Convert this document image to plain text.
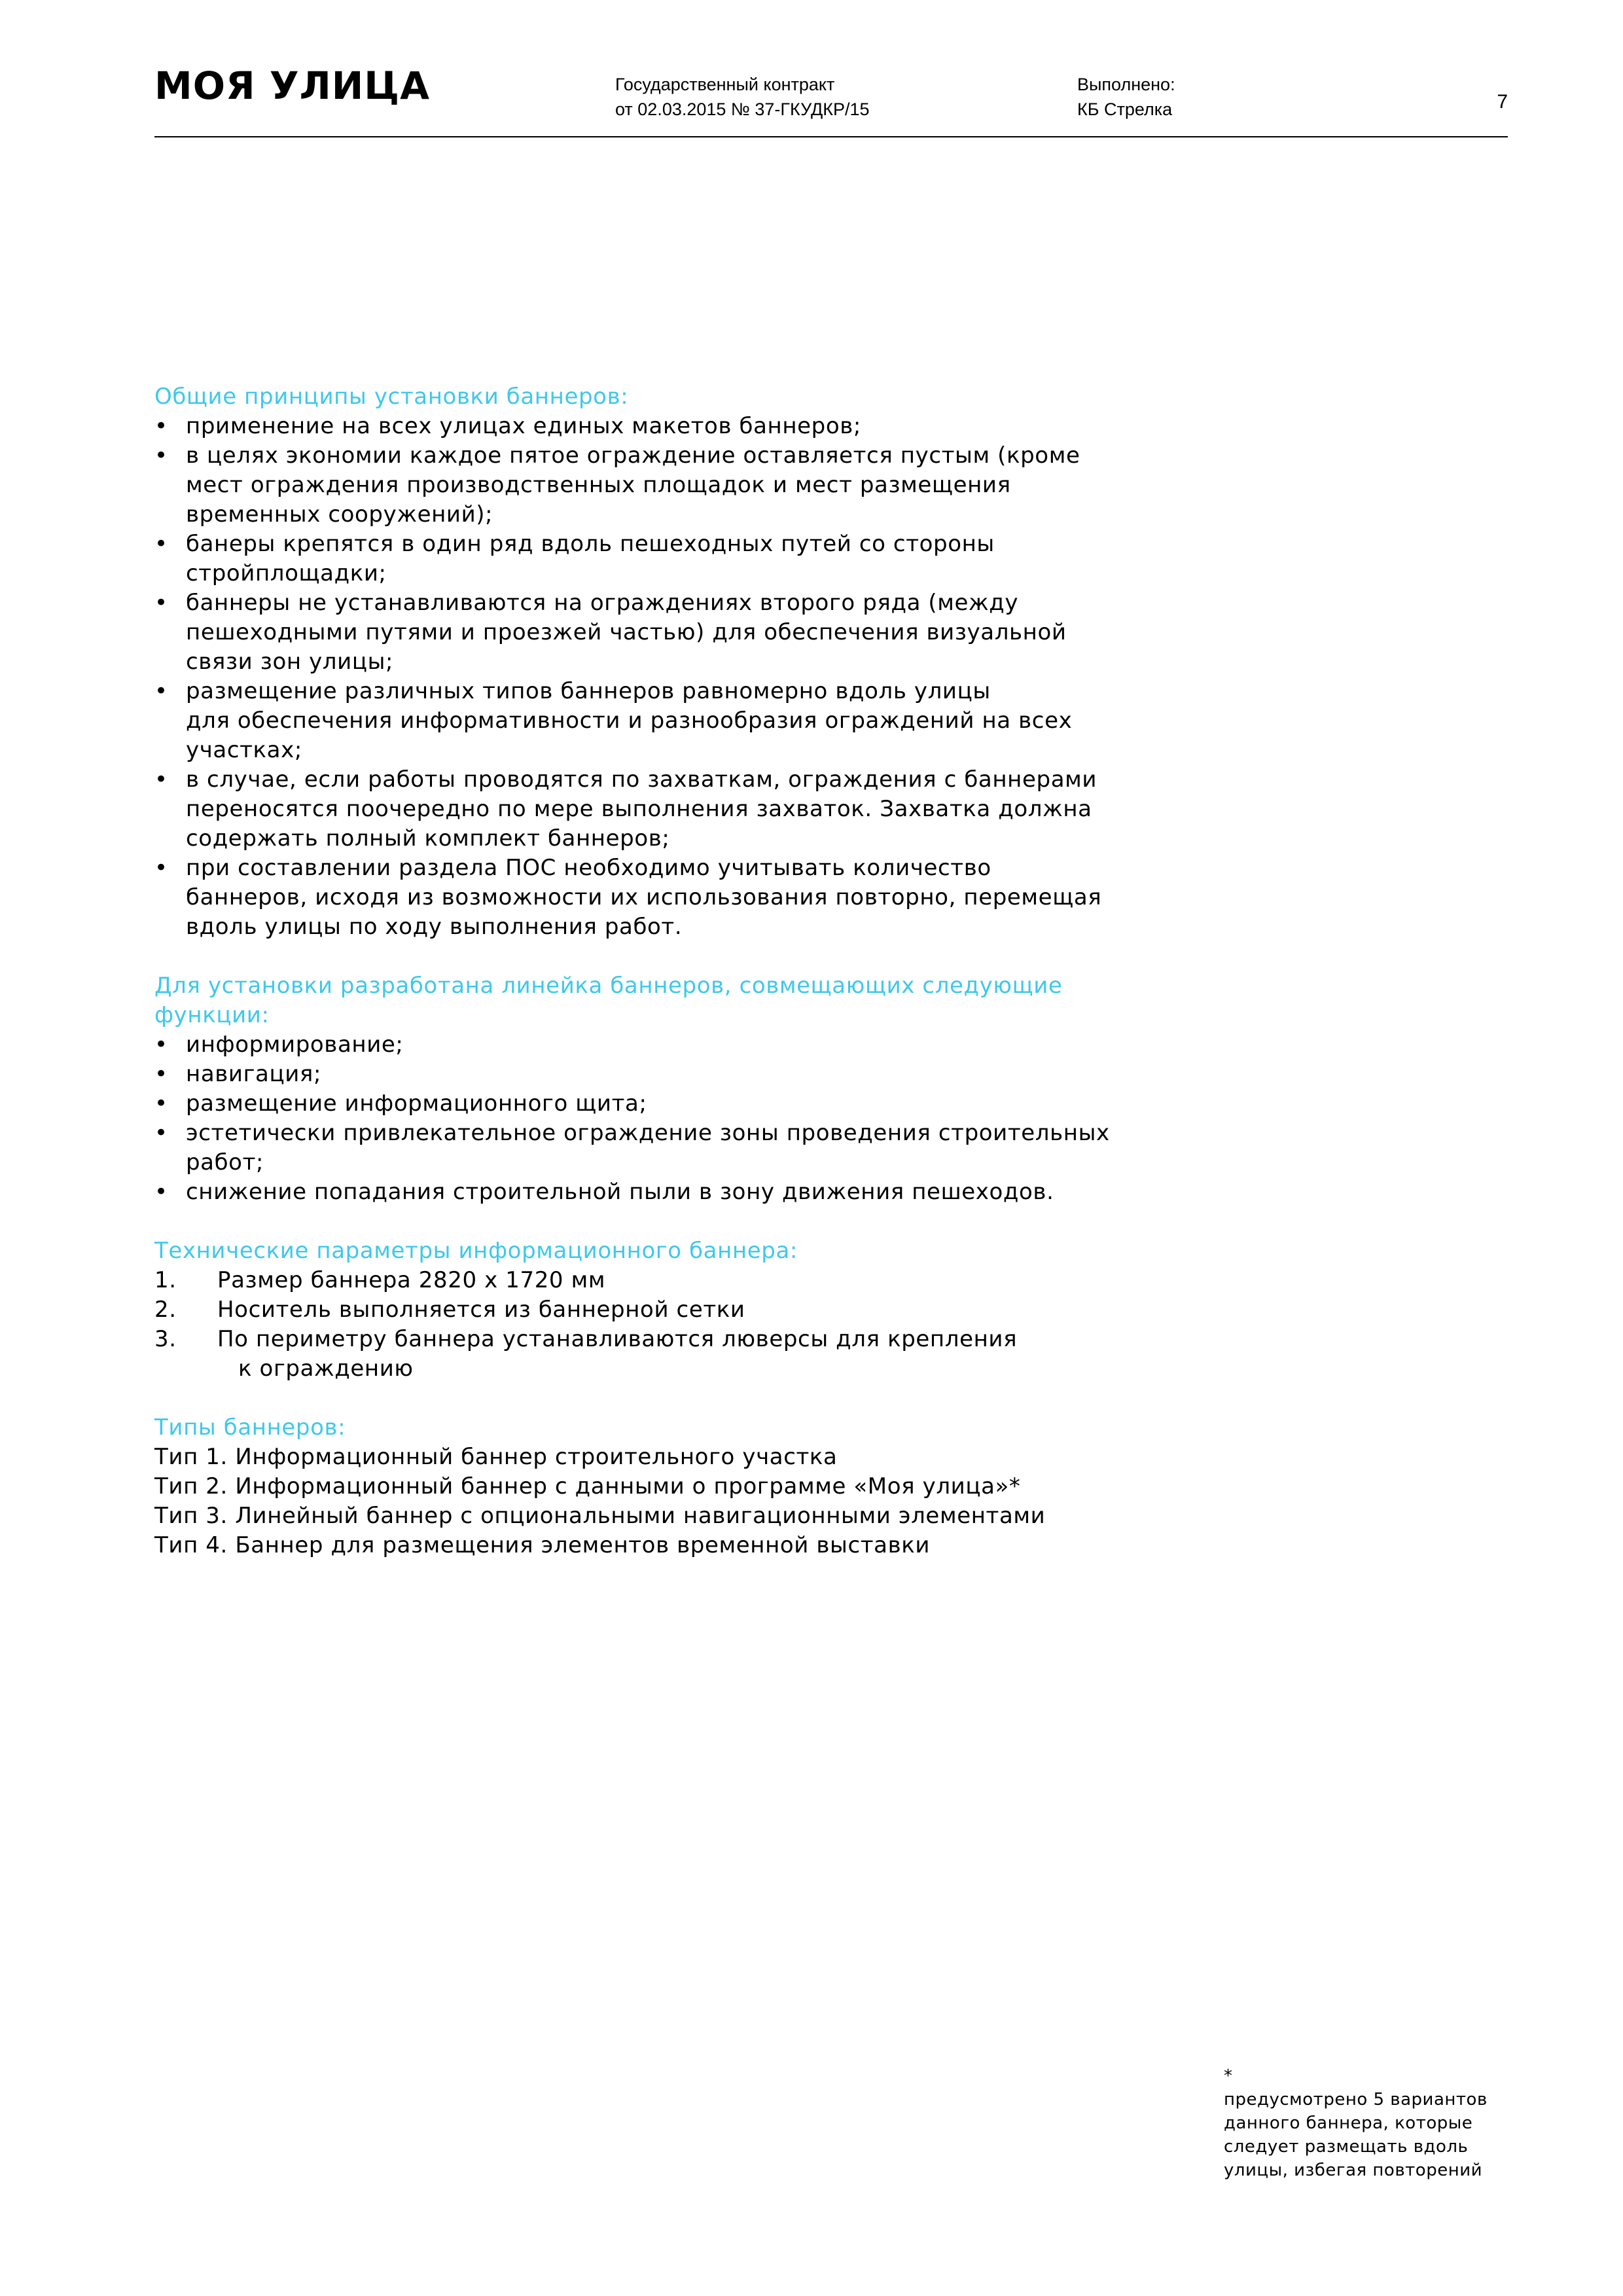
МОЯ УЛИЦА	Государственный контракт
от 02.03.2015 № 37-ГКУДКР/15
Выполнено:
КБ Стрелка	7
Общие принципы установки баннеров:
• применение на всех улицах единых макетов баннеров;
• в целях экономии каждое пятое ограждение оставляется пустым (кроме
мест ограждения производственных площадок и мест размещения
временных сооружений);
• банеры крепятся в один ряд вдоль пешеходных путей со стороны
стройплощадки;
• баннеры не устанавливаются на ограждениях второго ряда (между
пешеходными путями и проезжей частью) для обеспечения визуальной
связи зон улицы;
• размещение различных типов баннеров равномерно вдоль улицы
для обеспечения информативности и разнообразия ограждений на всех
участках;
• в случае, если работы проводятся по захваткам, ограждения с баннерами
переносятся поочередно по мере выполнения захваток. Захватка должна
содержать полный комплект баннеров;
• при составлении раздела ПОС необходимо учитывать количество
баннеров, исходя из возможности их использования повторно, перемещая
вдоль улицы по ходу выполнения работ.
Для установки разработана линейка баннеров, совмещающих следующие
функции:
• информирование;
• навигация;
• размещение информационного щита;
• эстетически привлекательное ограждение зоны проведения строительных
работ;
• снижение попадания строительной пыли в зону движения пешеходов.
Технические параметры информационного баннера:
1. Размер баннера 2820 х 1720 мм
2. Носитель выполняется из баннерной сетки
3. По периметру баннера устанавливаются люверсы для крепления
к ограждению
Типы баннеров:
Тип 1. Информационный баннер строительного участка
Тип 2. Информационный баннер с данными о программе «Моя улица»*
Тип 3. Линейный баннер с опциональными навигационными элементами
Тип 4. Баннер для размещения элементов временной выставки
*
предусмотрено 5 вариантов
данного баннера, которые
следует размещать вдоль
улицы, избегая повторений
